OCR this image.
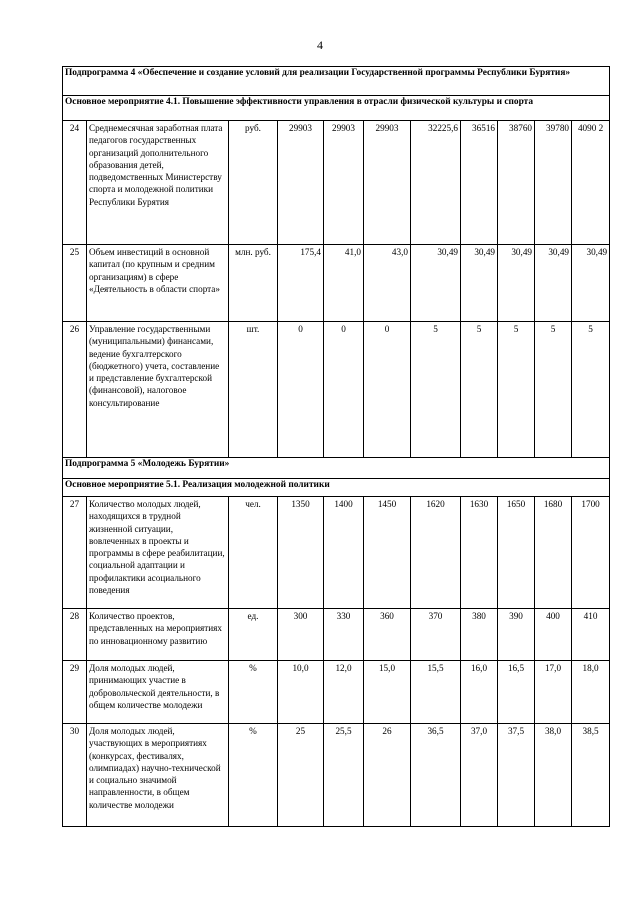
4
Подпрограмма 4 «Обеспечение и создание условий для реализации Государственной программы Республики Бурятия»										
Основное мероприятие 4.1. Повышение эффективности управления в отрасли физической культуры и спорта										
24	Среднемесячная заработная плата педагогов государственных организаций дополнительного образования детей, подведомственных Министерству спорта и молодежной политики Республики Бурятия	руб.	29903	29903	29903	32225,6	36516	38760	39780	4090 2
25	Объем инвестиций в основной капитал (по крупным и средним организациям) в сфере «Деятельность в области спорта»	млн. руб.	175,4	41,0	43,0	30,49	30,49	30,49	30,49	30,49
26	Управление государственными (муниципальными) финансами, ведение бухгалтерского (бюджетного) учета, составление и представление бухгалтерской (финансовой), налоговое консультирование	шт.	0	0	0	5	5	5	5	5
Подпрограмма 5 «Молодежь Бурятии»										
Основное мероприятие 5.1. Реализация молодежной политики										
27	Количество молодых людей, находящихся в трудной жизненной ситуации, вовлеченных в проекты и программы в сфере реабилитации, социальной адаптации и профилактики асоциального поведения	чел.	1350	1400	1450	1620	1630	1650	1680	1700
28	Количество проектов, представленных на мероприятиях по инновационному развитию	ед.	300	330	360	370	380	390	400	410
29	Доля молодых людей, принимающих участие в добровольческой деятельности, в общем количестве молодежи	%	10,0	12,0	15,0	15,5	16,0	16,5	17,0	18,0
30	Доля молодых людей, участвующих в мероприятиях (конкурсах, фестивалях, олимпиадах) научно-технической и социально значимой направленности, в общем количестве молодежи	%	25	25,5	26	36,5	37,0	37,5	38,0	38,5
